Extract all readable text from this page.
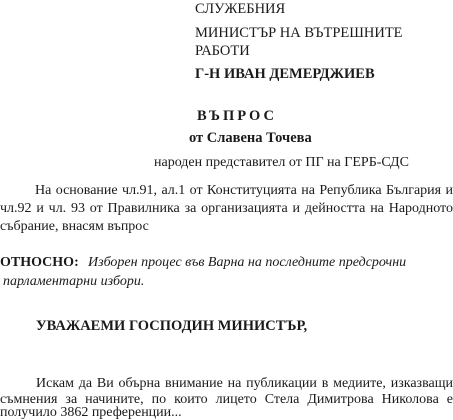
СЛУЖЕБНИЯ
МИНИСТЪР НА ВЪТРЕШНИТЕ
РАБОТИ
Г-Н ИВАН ДЕМЕРДЖИЕВ
ВЪПРОС
от Славена Точева
народен представител от ПГ на ГЕРБ-СДС
На основание чл.91, ал.1 от Конституцията на Република България и
чл.92 и чл. 93 от Правилника за организацията и дейността на Народното
събрание, внасям въпрос
ОТНОСНО: Изборен процес във Варна на последните предсрочни
парламентарни избори.
УВАЖАЕМИ ГОСПОДИН МИНИСТЪР,
Искам да Ви обърна внимание на публикации в медиите, изказващи
съмнения за начините, по които лицето Стела Димитрова Николова е
получило 3862 преференции...
